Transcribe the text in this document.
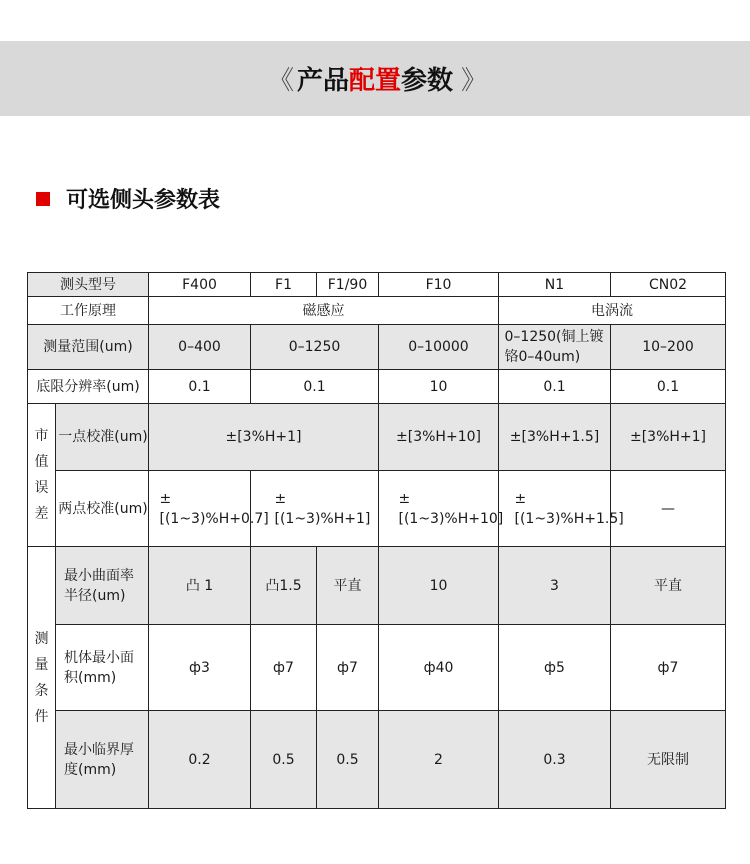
《 产品配置参数 》
可选侧头参数表
测头型号		F400	F1	F1/90	F10	N1	CN02
工作原理		磁感应				电涡流	
测量范围(um)		0–400	0–1250		0–10000	0–1250(铜上镀铬0–40um)	10–200
底限分辨率(um)		0.1	0.1		10	0.1	0.1
市值误差	一点校准(um)	±[3%H+1]			±[3%H+10]	±[3%H+1.5]	±[3%H+1]
	两点校准(um)	±[(1~3)%H+0.7]	±[(1~3)%H+1]		±[(1~3)%H+10]	±[(1~3)%H+1.5]	—
测量条件	最小曲面率半径(um)	凸 1	凸1.5	平直	10	3	平直
	机体最小面积(mm)	ф3	ф7	ф7	ф40	ф5	ф7
	最小临界厚度(mm)	0.2	0.5	0.5	2	0.3	无限制
